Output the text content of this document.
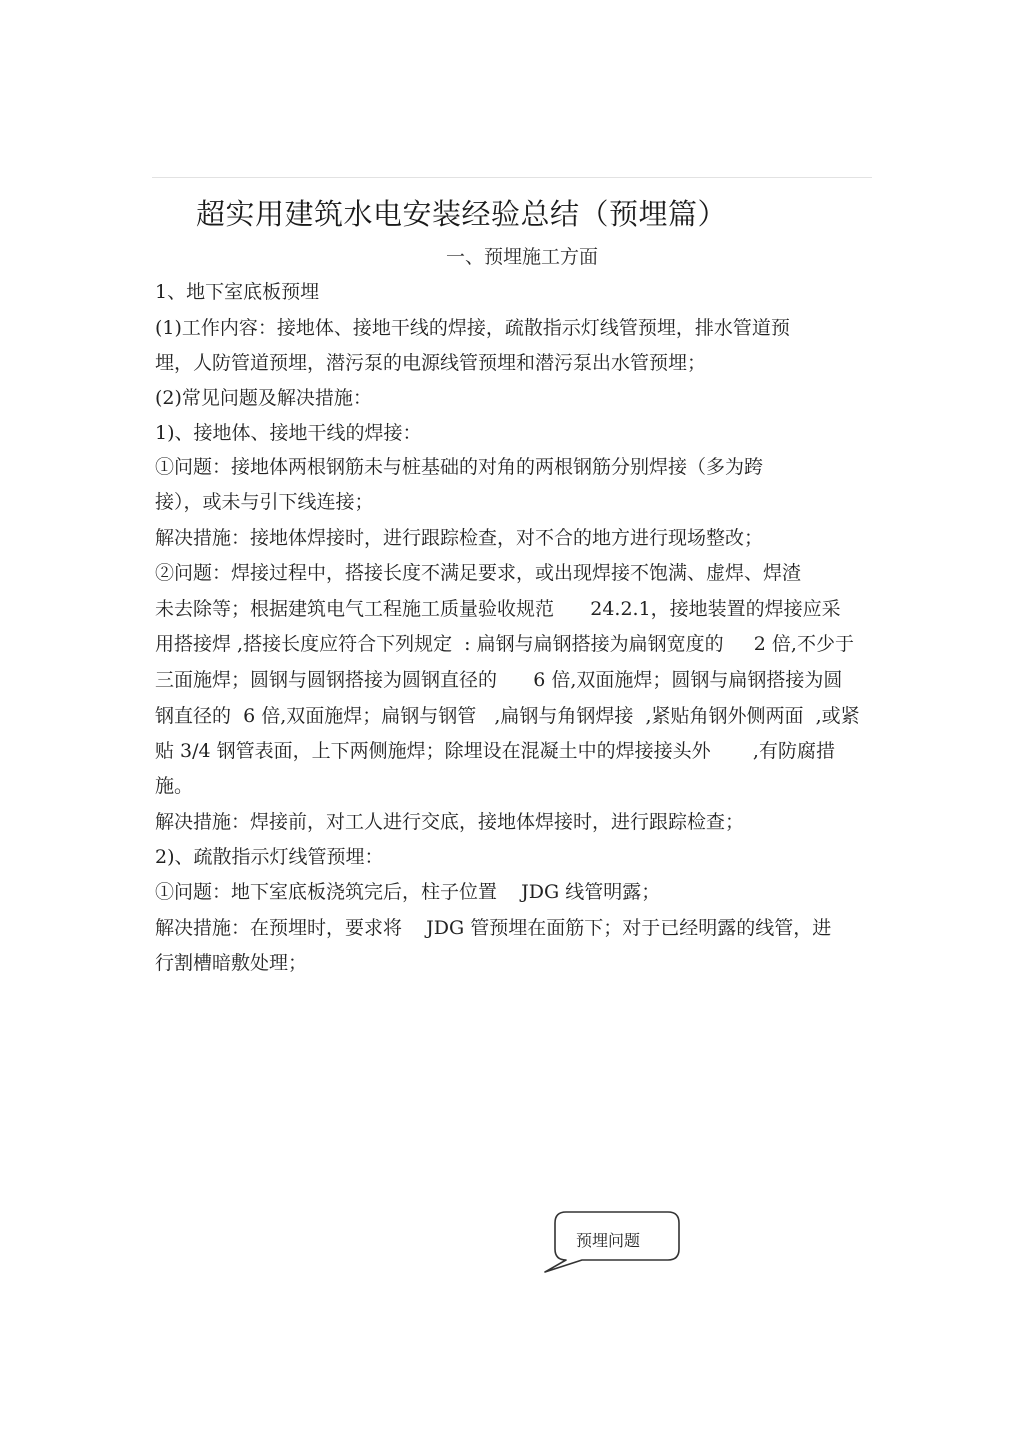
超实用建筑水电安装经验总结（预埋篇）
一、预埋施工方面
1、地下室底板预埋
(1)工作内容：接地体、接地干线的焊接，疏散指示灯线管预埋，排水管道预
埋，人防管道预埋，潜污泵的电源线管预埋和潜污泵出水管预埋；
(2)常见问题及解决措施：
1)、接地体、接地干线的焊接：
①问题：接地体两根钢筋未与桩基础的对角的两根钢筋分别焊接（多为跨
接），或未与引下线连接；
解决措施：接地体焊接时，进行跟踪检查，对不合的地方进行现场整改；
②问题：焊接过程中，搭接长度不满足要求，或出现焊接不饱满、虚焊、焊渣
未去除等；根据建筑电气工程施工质量验收规范      24.2.1，接地装置的焊接应采
用搭接焊 ,搭接长度应符合下列规定  : 扁钢与扁钢搭接为扁钢宽度的     2 倍,不少于
三面施焊；圆钢与圆钢搭接为圆钢直径的      6 倍,双面施焊；圆钢与扁钢搭接为圆
钢直径的  6 倍,双面施焊；扁钢与钢管   ,扁钢与角钢焊接  ,紧贴角钢外侧两面  ,或紧
贴 3/4 钢管表面，上下两侧施焊；除埋设在混凝土中的焊接接头外       ,有防腐措
施。
解决措施：焊接前，对工人进行交底，接地体焊接时，进行跟踪检查；
2)、疏散指示灯线管预埋：
①问题：地下室底板浇筑完后，柱子位置    JDG 线管明露；
解决措施：在预埋时，要求将    JDG 管预埋在面筋下；对于已经明露的线管，进
行割槽暗敷处理；
预埋问题
